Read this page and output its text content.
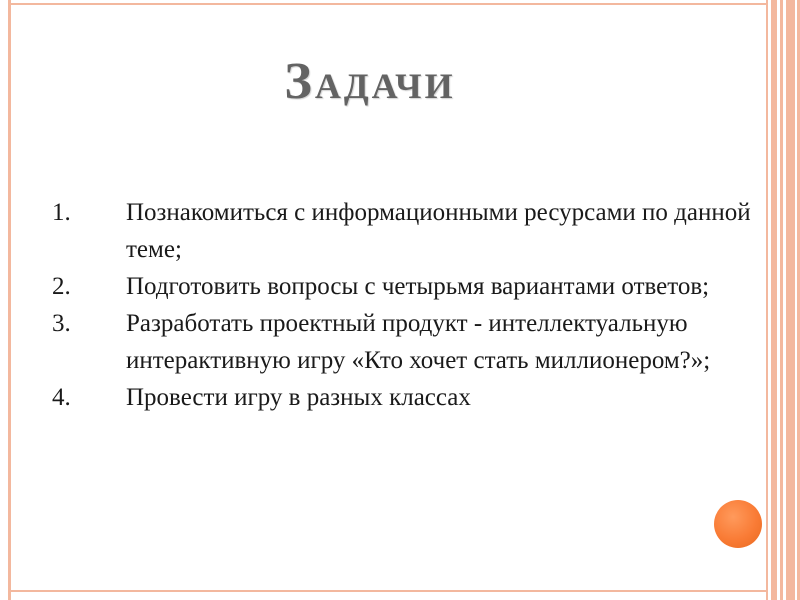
Задачи
1.	Познакомиться с информационными ресурсами по данной теме;
2.	Подготовить вопросы с четырьмя вариантами ответов;
3.	Разработать проектный продукт - интеллектуальную интерактивную игру «Кто хочет стать миллионером?»;
4.	Провести игру в разных классах
